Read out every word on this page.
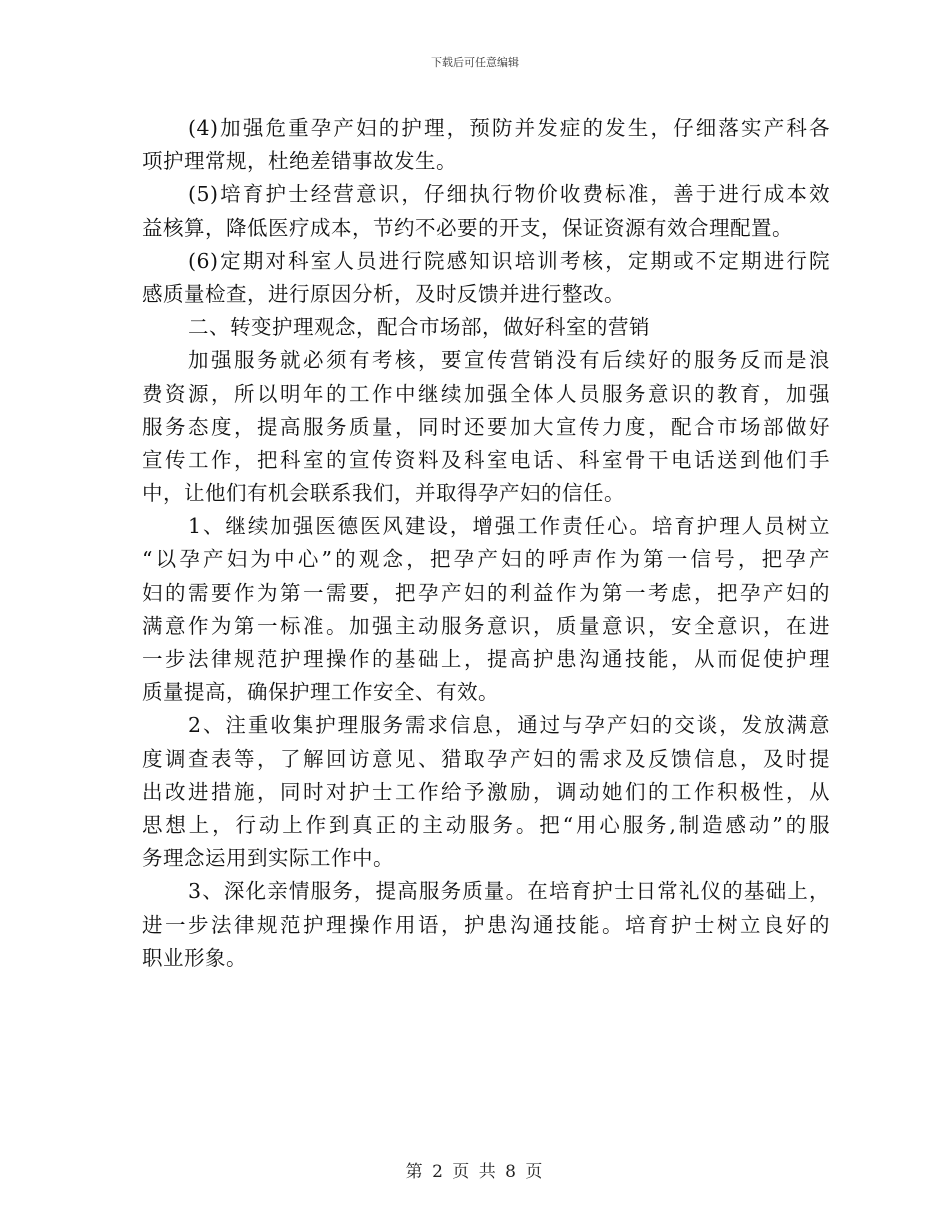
下载后可任意编辑
(4)加强危重孕产妇的护理，预防并发症的发生，仔细落实产科各
项护理常规，杜绝差错事故发生。
(5)培育护士经营意识，仔细执行物价收费标准，善于进行成本效
益核算，降低医疗成本，节约不必要的开支，保证资源有效合理配置。
(6)定期对科室人员进行院感知识培训考核，定期或不定期进行院
感质量检查，进行原因分析，及时反馈并进行整改。
二、转变护理观念，配合市场部，做好科室的营销
加强服务就必须有考核，要宣传营销没有后续好的服务反而是浪
费资源，所以明年的工作中继续加强全体人员服务意识的教育，加强
服务态度，提高服务质量，同时还要加大宣传力度，配合市场部做好
宣传工作，把科室的宣传资料及科室电话、科室骨干电话送到他们手
中，让他们有机会联系我们，并取得孕产妇的信任。
1、继续加强医德医风建设，增强工作责任心。培育护理人员树立
“以孕产妇为中心”的观念，把孕产妇的呼声作为第一信号，把孕产
妇的需要作为第一需要，把孕产妇的利益作为第一考虑，把孕产妇的
满意作为第一标准。加强主动服务意识，质量意识，安全意识，在进
一步法律规范护理操作的基础上，提高护患沟通技能，从而促使护理
质量提高，确保护理工作安全、有效。
2、注重收集护理服务需求信息，通过与孕产妇的交谈，发放满意
度调查表等，了解回访意见、猎取孕产妇的需求及反馈信息，及时提
出改进措施，同时对护士工作给予激励，调动她们的工作积极性，从
思想上，行动上作到真正的主动服务。把“用心服务,制造感动”的服
务理念运用到实际工作中。
3、深化亲情服务，提高服务质量。在培育护士日常礼仪的基础上，
进一步法律规范护理操作用语，护患沟通技能。培育护士树立良好的
职业形象。
第 2 页 共 8 页
